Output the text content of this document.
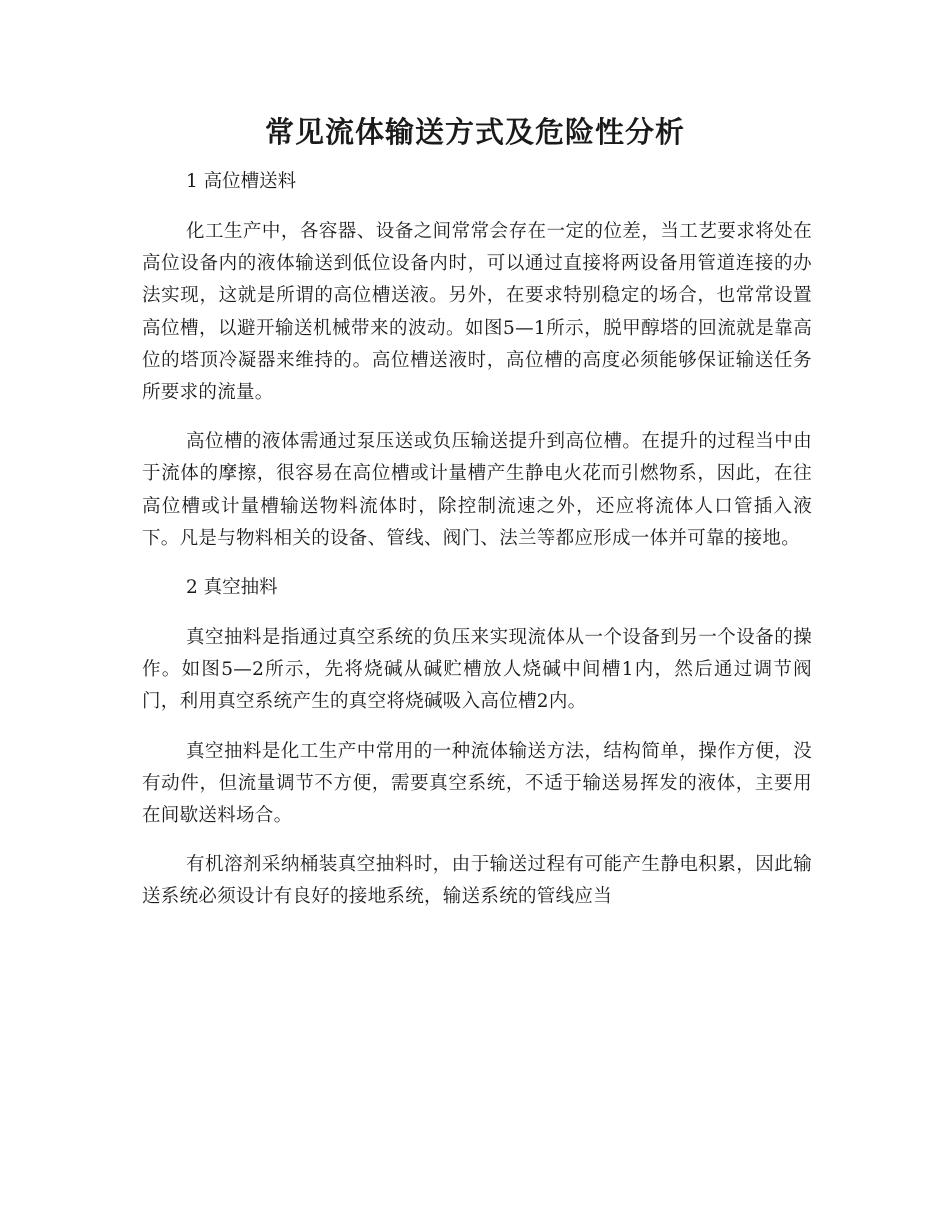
常见流体输送方式及危险性分析
1 高位槽送料

化工生产中，各容器、设备之间常常会存在一定的位差，当工艺要求将处在高位设备内的液体输送到低位设备内时，可以通过直接将两设备用管道连接的办法实现，这就是所谓的高位槽送液。另外，在要求特别稳定的场合，也常常设置高位槽，以避开输送机械带来的波动。如图5—1所示，脱甲醇塔的回流就是靠高位的塔顶冷凝器来维持的。高位槽送液时，高位槽的高度必须能够保证输送任务所要求的流量。

高位槽的液体需通过泵压送或负压输送提升到高位槽。在提升的过程当中由于流体的摩擦，很容易在高位槽或计量槽产生静电火花而引燃物系，因此，在往高位槽或计量槽输送物料流体时，除控制流速之外，还应将流体人口管插入液下。凡是与物料相关的设备、管线、阀门、法兰等都应形成一体并可靠的接地。

2 真空抽料

真空抽料是指通过真空系统的负压来实现流体从一个设备到另一个设备的操作。如图5—2所示，先将烧碱从碱贮槽放人烧碱中间槽1内，然后通过调节阀门，利用真空系统产生的真空将烧碱吸入高位槽2内。

真空抽料是化工生产中常用的一种流体输送方法，结构简单，操作方便，没有动件，但流量调节不方便，需要真空系统，不适于输送易挥发的液体，主要用在间歇送料场合。

有机溶剂采纳桶装真空抽料时，由于输送过程有可能产生静电积累，因此输送系统必须设计有良好的接地系统，输送系统的管线应当
